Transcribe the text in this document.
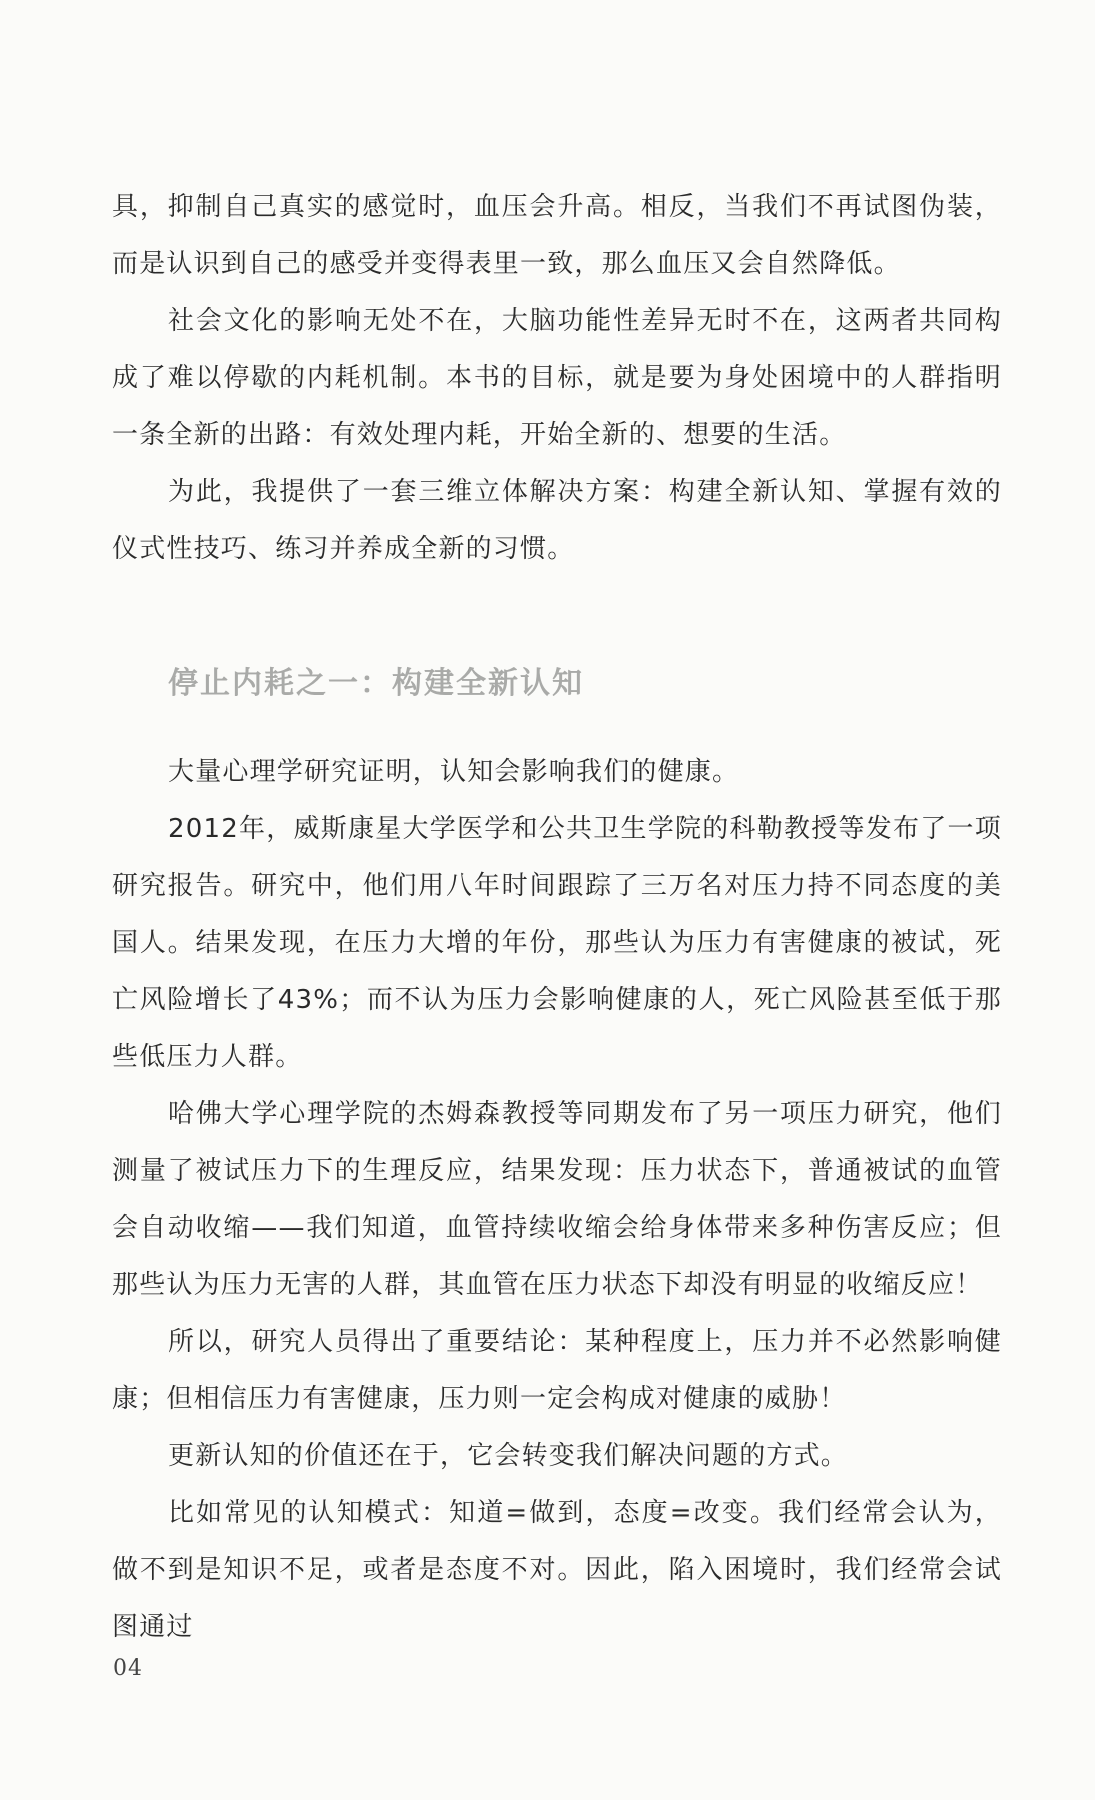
具，抑制自己真实的感觉时，血压会升高。相反，当我们不再试图伪装，而是认识到自己的感受并变得表里一致，那么血压又会自然降低。

社会文化的影响无处不在，大脑功能性差异无时不在，这两者共同构成了难以停歇的内耗机制。本书的目标，就是要为身处困境中的人群指明一条全新的出路：有效处理内耗，开始全新的、想要的生活。

为此，我提供了一套三维立体解决方案：构建全新认知、掌握有效的仪式性技巧、练习并养成全新的习惯。

停止内耗之一：构建全新认知

大量心理学研究证明，认知会影响我们的健康。

2012年，威斯康星大学医学和公共卫生学院的科勒教授等发布了一项研究报告。研究中，他们用八年时间跟踪了三万名对压力持不同态度的美国人。结果发现，在压力大增的年份，那些认为压力有害健康的被试，死亡风险增长了43%；而不认为压力会影响健康的人，死亡风险甚至低于那些低压力人群。

哈佛大学心理学院的杰姆森教授等同期发布了另一项压力研究，他们测量了被试压力下的生理反应，结果发现：压力状态下，普通被试的血管会自动收缩——我们知道，血管持续收缩会给身体带来多种伤害反应；但那些认为压力无害的人群，其血管在压力状态下却没有明显的收缩反应！

所以，研究人员得出了重要结论：某种程度上，压力并不必然影响健康；但相信压力有害健康，压力则一定会构成对健康的威胁！

更新认知的价值还在于，它会转变我们解决问题的方式。

比如常见的认知模式：知道=做到，态度=改变。我们经常会认为，做不到是知识不足，或者是态度不对。因此，陷入困境时，我们经常会试图通过

04
